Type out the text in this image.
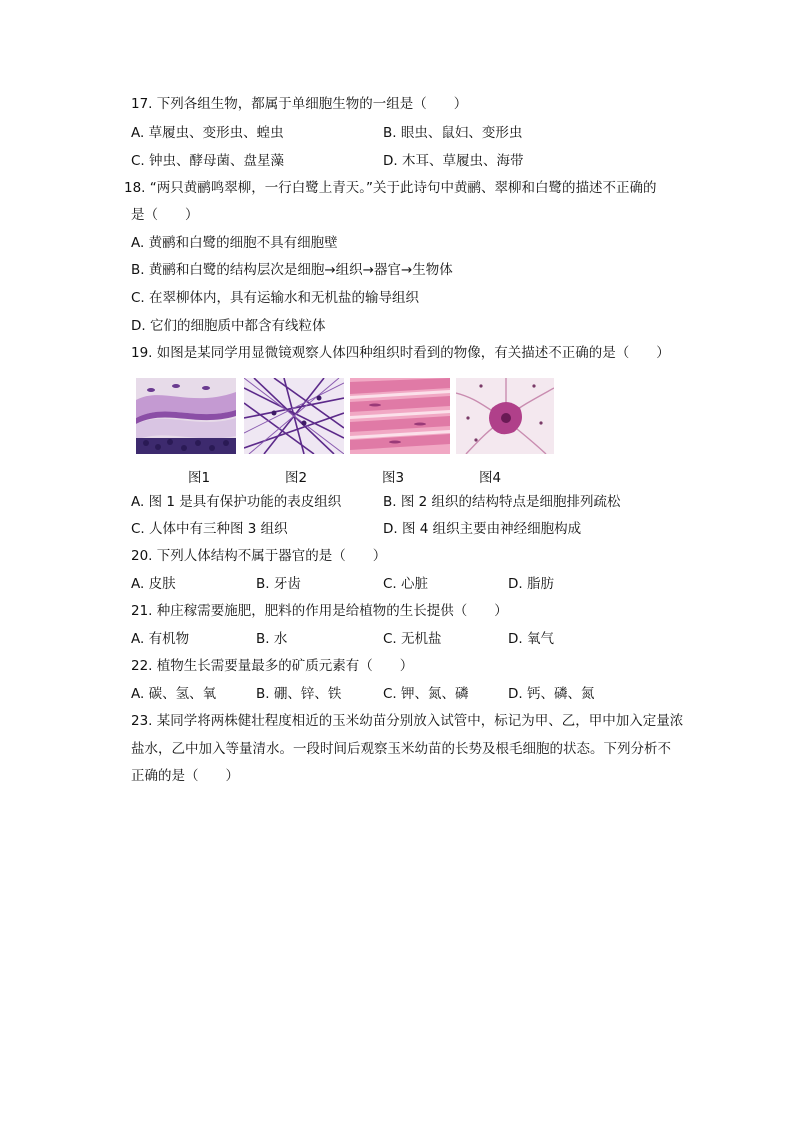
17. 下列各组生物，都属于单细胞生物的一组是（　　）
A. 草履虫、变形虫、蝗虫	B. 眼虫、鼠妇、变形虫
C. 钟虫、酵母菌、盘星藻	D. 木耳、草履虫、海带
18. “两只黄鹂鸣翠柳，一行白鹭上青天。”关于此诗句中黄鹂、翠柳和白鹭的描述不正确的
是（　　）
A. 黄鹂和白鹭的细胞不具有细胞壁
B. 黄鹂和白鹭的结构层次是细胞→组织→器官→生物体
C. 在翠柳体内，具有运输水和无机盐的输导组织
D. 它们的细胞质中都含有线粒体
19. 如图是某同学用显微镜观察人体四种组织时看到的物像，有关描述不正确的是（　　）
图1	图2	图3	图4
A. 图 1 是具有保护功能的表皮组织	B. 图 2 组织的结构特点是细胞排列疏松
C. 人体中有三种图 3 组织	D. 图 4 组织主要由神经细胞构成
20. 下列人体结构不属于器官的是（　　）
A. 皮肤	B. 牙齿	C. 心脏	D. 脂肪
21. 种庄稼需要施肥，肥料的作用是给植物的生长提供（　　）
A. 有机物	B. 水	C. 无机盐	D. 氧气
22. 植物生长需要量最多的矿质元素有（　　）
A. 碳、氢、氧	B. 硼、锌、铁	C. 钾、氮、磷	D. 钙、磷、氮
23. 某同学将两株健壮程度相近的玉米幼苗分别放入试管中，标记为甲、乙，甲中加入定量浓
盐水，乙中加入等量清水。一段时间后观察玉米幼苗的长势及根毛细胞的状态。下列分析不
正确的是（　　）
